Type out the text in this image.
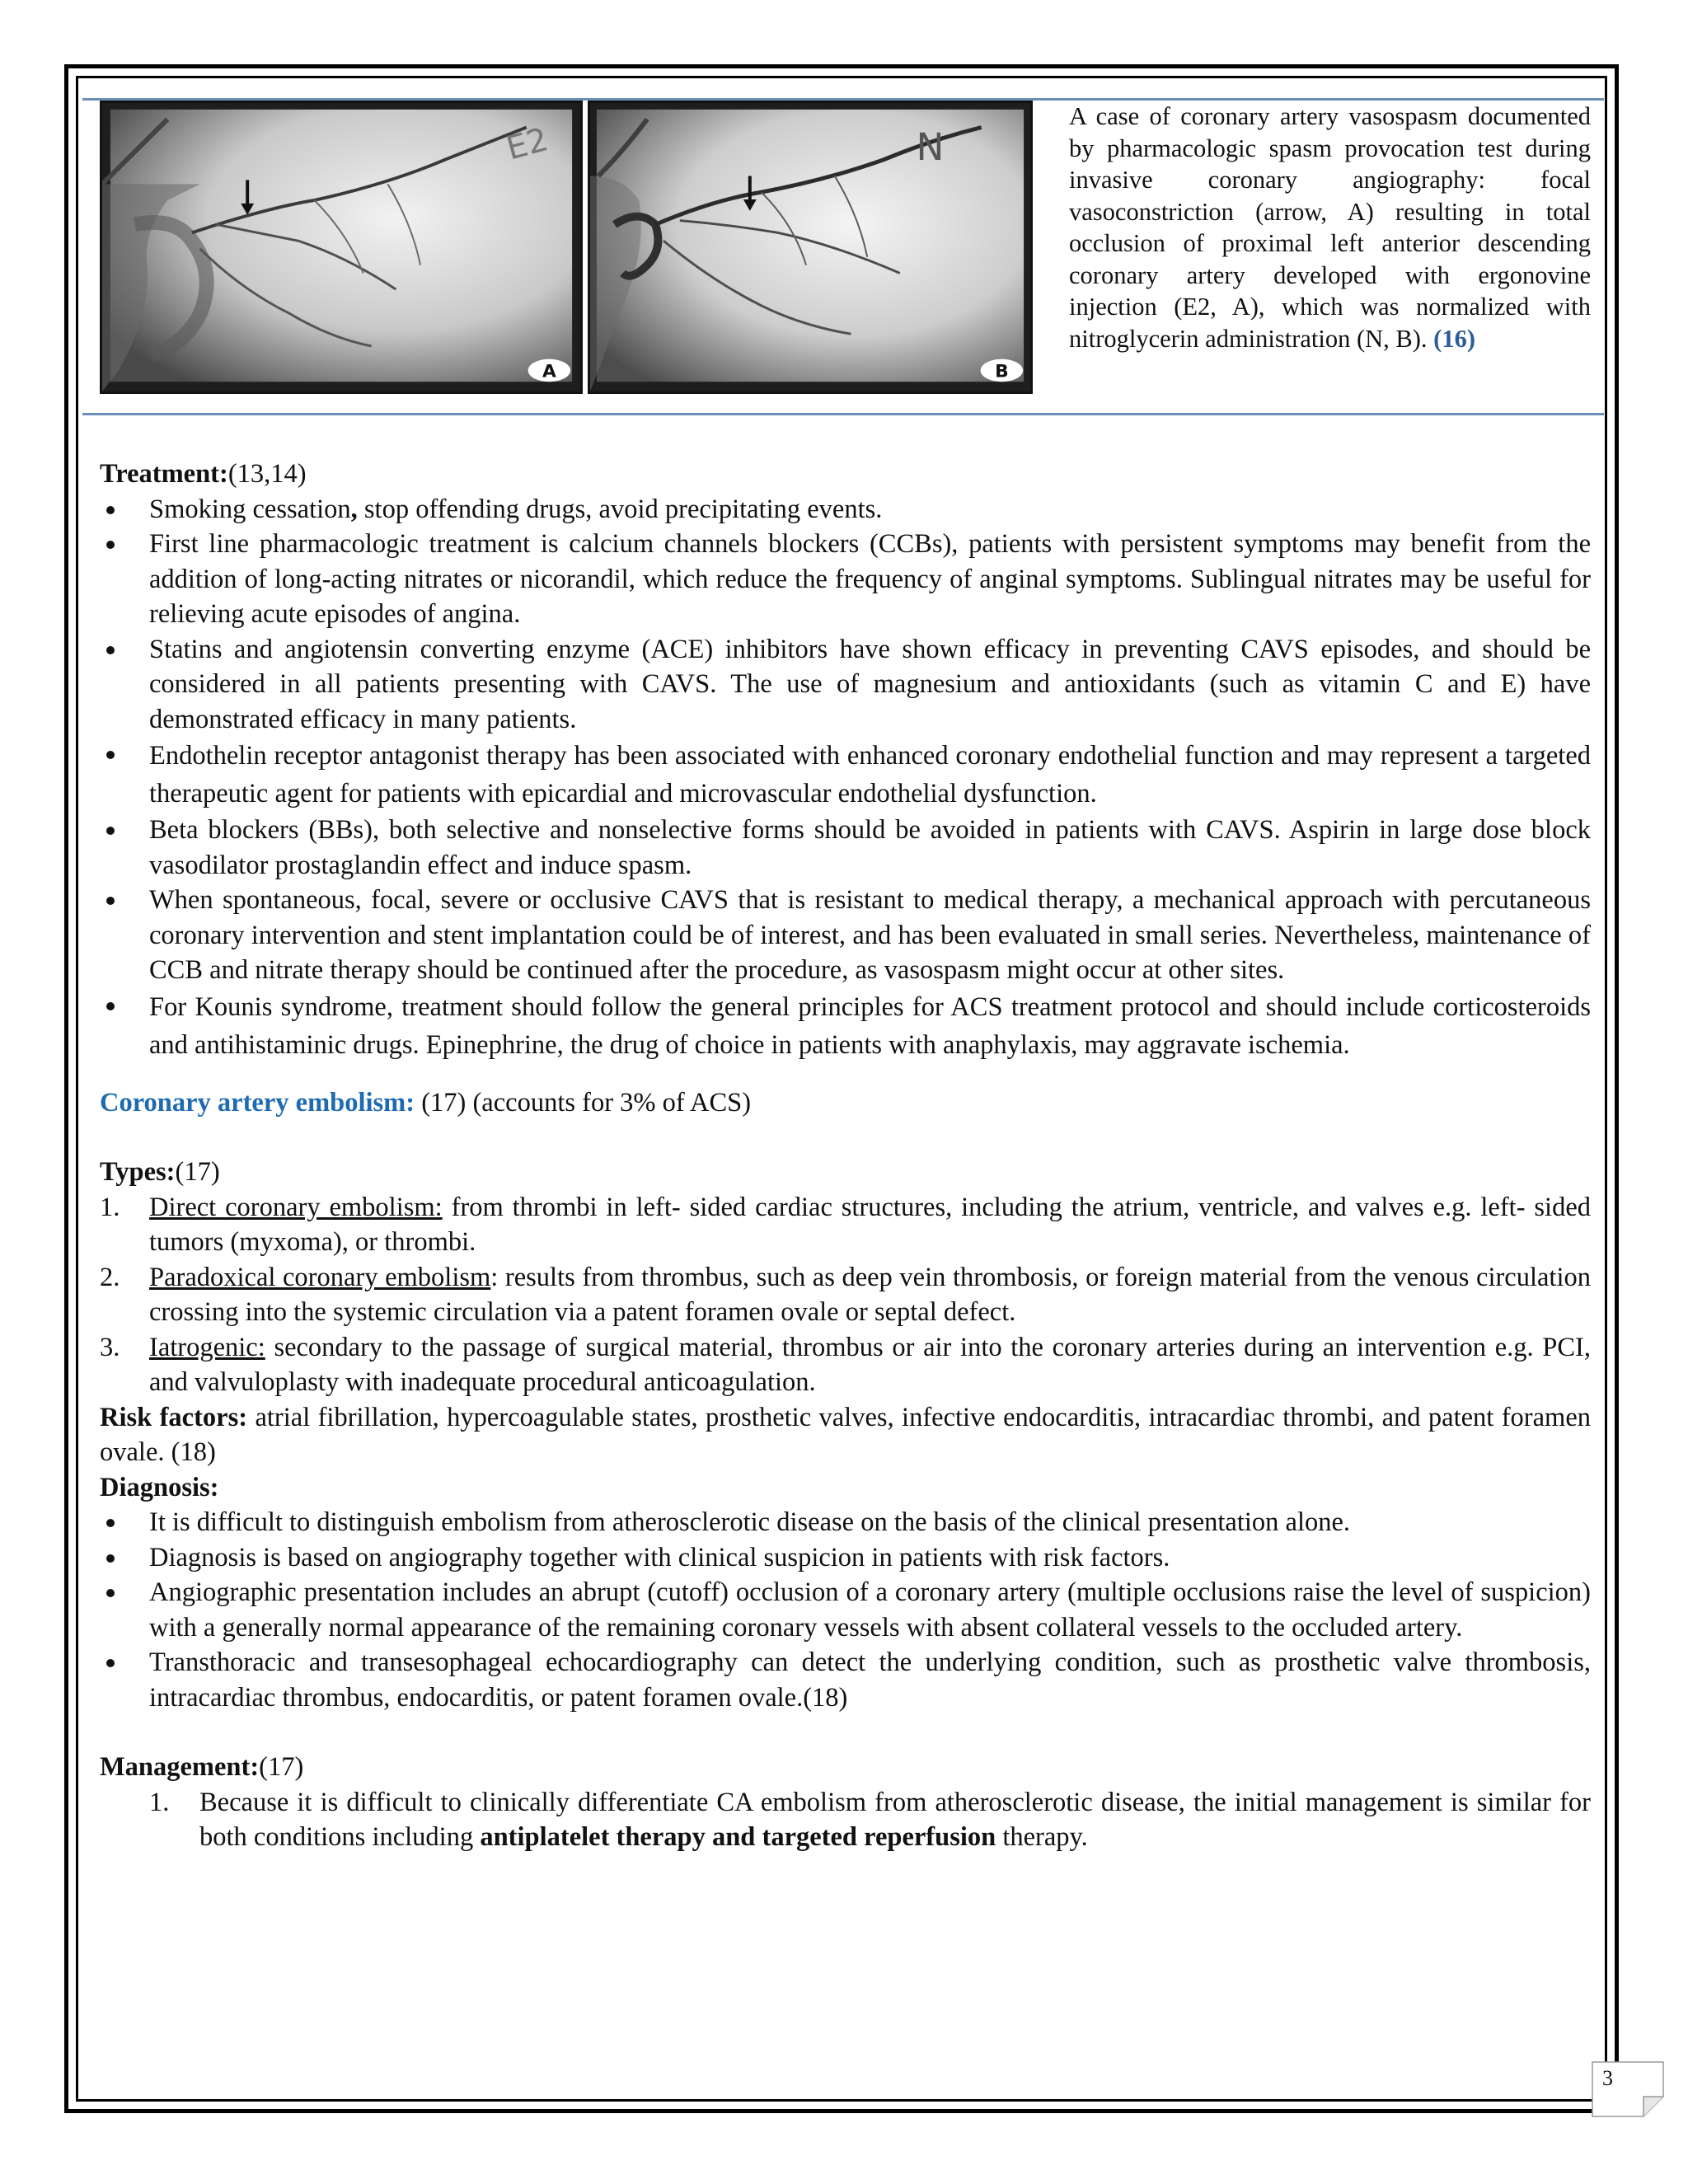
E2
A
N
B
A case of coronary artery vasospasm documented by pharmacologic spasm provocation test during invasive coronary angiography: focal vasoconstriction (arrow, A) resulting in total occlusion of proximal left anterior descending coronary artery developed with ergonovine injection (E2, A), which was normalized with nitroglycerin administration (N, B). (16)

Treatment:(13,14)

Smoking cessation, stop offending drugs, avoid precipitating events.
First line pharmacologic treatment is calcium channels blockers (CCBs), patients with persistent symptoms may benefit from the addition of long-acting nitrates or nicorandil, which reduce the frequency of anginal symptoms. Sublingual nitrates may be useful for relieving acute episodes of angina.
Statins and angiotensin converting enzyme (ACE) inhibitors have shown efficacy in preventing CAVS episodes, and should be considered in all patients presenting with CAVS. The use of magnesium and antioxidants (such as vitamin C and E) have demonstrated efficacy in many patients.
Endothelin receptor antagonist therapy has been associated with enhanced coronary endothelial function and may represent a targeted therapeutic agent for patients with epicardial and microvascular endothelial dysfunction.
Beta blockers (BBs), both selective and nonselective forms should be avoided in patients with CAVS. Aspirin in large dose block vasodilator prostaglandin effect and induce spasm.
When spontaneous, focal, severe or occlusive CAVS that is resistant to medical therapy, a mechanical approach with percutaneous coronary intervention and stent implantation could be of interest, and has been evaluated in small series. Nevertheless, maintenance of CCB and nitrate therapy should be continued after the procedure, as vasospasm might occur at other sites.
For Kounis syndrome, treatment should follow the general principles for ACS treatment protocol and should include corticosteroids and antihistaminic drugs. Epinephrine, the drug of choice in patients with anaphylaxis, may aggravate ischemia.

Coronary artery embolism: (17) (accounts for 3% of ACS)

Types:(17)

1. Direct coronary embolism: from thrombi in left- sided cardiac structures, including the atrium, ventricle, and valves e.g. left- sided tumors (myxoma), or thrombi.
2. Paradoxical coronary embolism: results from thrombus, such as deep vein thrombosis, or foreign material from the venous circulation crossing into the systemic circulation via a patent foramen ovale or septal defect.
3. Iatrogenic: secondary to the passage of surgical material, thrombus or air into the coronary arteries during an intervention e.g. PCI, and valvuloplasty with inadequate procedural anticoagulation.

Risk factors: atrial fibrillation, hypercoagulable states, prosthetic valves, infective endocarditis, intracardiac thrombi, and patent foramen ovale. (18)

Diagnosis:

It is difficult to distinguish embolism from atherosclerotic disease on the basis of the clinical presentation alone.
Diagnosis is based on angiography together with clinical suspicion in patients with risk factors.
Angiographic presentation includes an abrupt (cutoff) occlusion of a coronary artery (multiple occlusions raise the level of suspicion) with a generally normal appearance of the remaining coronary vessels with absent collateral vessels to the occluded artery.
Transthoracic and transesophageal echocardiography can detect the underlying condition, such as prosthetic valve thrombosis, intracardiac thrombus, endocarditis, or patent foramen ovale.(18)

Management:(17)

1. Because it is difficult to clinically differentiate CA embolism from atherosclerotic disease, the initial management is similar for both conditions including antiplatelet therapy and targeted reperfusion therapy.
3
